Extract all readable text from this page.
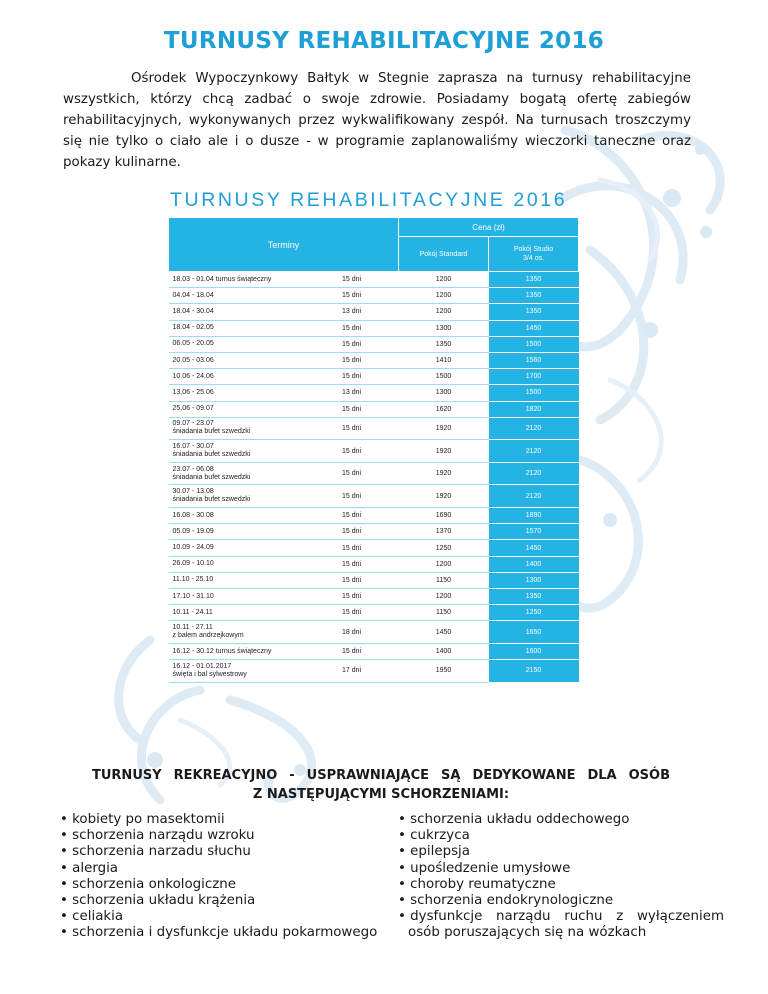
TURNUSY REHABILITACYJNE 2016

Ośrodek Wypoczynkowy Bałtyk w Stegnie zaprasza na turnusy rehabilitacyjne wszystkich, którzy chcą zadbać o swoje zdrowie. Posiadamy bogatą ofertę zabiegów rehabilitacyjnych, wykonywanych przez wykwalifikowany zespół. Na turnusach troszczymy się nie tylko o ciało ale i o dusze - w programie zaplanowaliśmy wieczorki taneczne oraz pokazy kulinarne.

TURNUSY REHABILITACYJNE 2016
Terminy		Cena (zł)	
		Pokój Standard	Pokój Studio
3/4 os.

18.03 - 01.04 turnus świąteczny	15 dni	1200	1350

04.04 - 18.04	15 dni	1200	1350

18.04 - 30.04	13 dni	1200	1350

18.04 - 02.05	15 dni	1300	1450

06.05 - 20.05	15 dni	1350	1500

20.05 - 03.06	15 dni	1410	1560

10.06 - 24.06	15 dni	1500	1700

13.06 - 25.06	13 dni	1300	1500

25.06 - 09.07	15 dni	1620	1820

09.07 - 23.07
śniadania bufet szwedzki	15 dni	1920	2120

16.07 - 30.07
śniadania bufet szwedzki	15 dni	1920	2120

23.07 - 06.08
śniadania bufet szwedzki	15 dni	1920	2120

30.07 - 13.08
śniadania bufet szwedzki	15 dni	1920	2120

16.08 - 30.08	15 dni	1690	1890

05.09 - 19.09	15 dni	1370	1570

10.09 - 24.09	15 dni	1250	1450

26.09 - 10.10	15 dni	1200	1400

11.10 - 25.10	15 dni	1150	1300

17.10 - 31.10	15 dni	1200	1350

10.11 - 24.11	15 dni	1150	1250

10.11 - 27.11
z balem andrzejkowym	18 dni	1450	1650

16.12 - 30.12 turnus świąteczny	15 dni	1400	1600

16.12 - 01.01.2017
święta i bal sylwestrowy	17 dni	1950	2150
TURNUSY REKREACYJNO - USPRAWNIAJĄCE SĄ DEDYKOWANE DLA OSÓB
Z NASTĘPUJĄCYMI SCHORZENIAMI:
• kobiety po masektomii
• schorzenia narządu wzroku
• schorzenia narzadu słuchu
• alergia
• schorzenia onkologiczne
• schorzenia układu krążenia
• celiakia
• schorzenia i dysfunkcje układu pokarmowego
• schorzenia układu oddechowego
• cukrzyca
• epilepsja
• upośledzenie umysłowe
• choroby reumatyczne
• schorzenia endokrynologiczne
• dysfunkcje narządu ruchu z wyłączeniem
osób poruszających się na wózkach
